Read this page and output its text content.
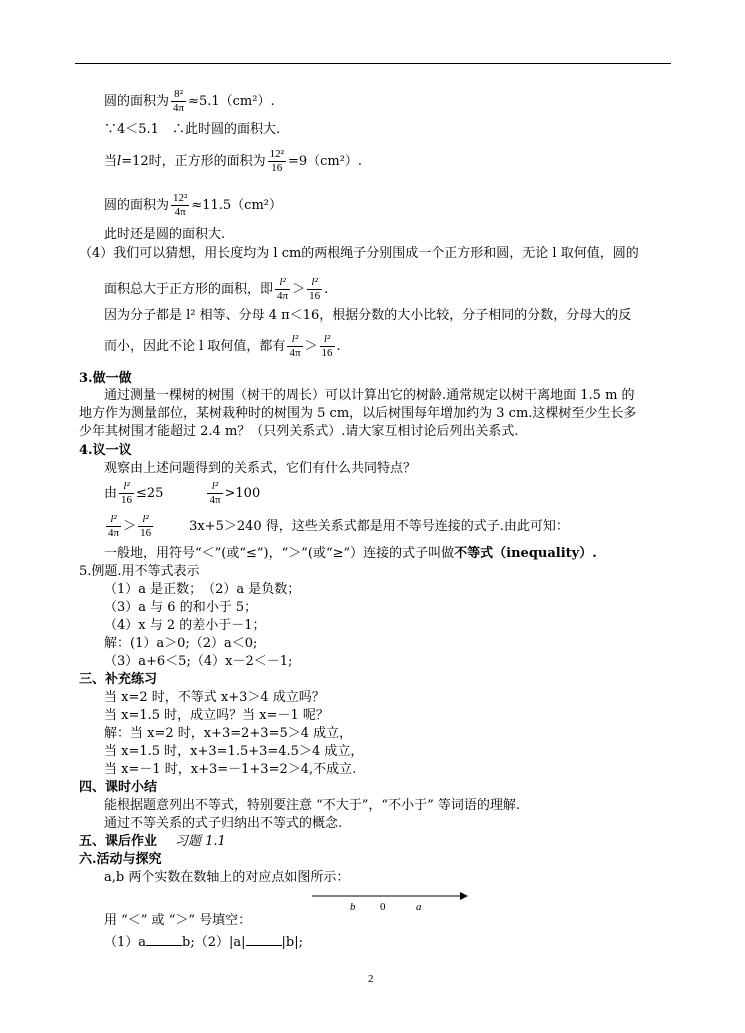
圆的面积为 $\frac{\text{8²}}{4\pi} \approx 5.1(cm^2)$.
∵4＜5.1　∴此时圆的面积大.
当l=12时，正方形的面积为 $\frac{\text{12²}}{16} =9(cm^2)$.
圆的面积为 $\frac{\text{12²}}{4\pi} \approx 11.5(cm^2)$
此时还是圆的面积大.
（4）我们可以猜想，用长度均为 l cm的两根绳子分别围成一个正方形和圆，无论 l 取何值，圆的
面积总大于正方形的面积，即 $\frac{\text{l²}}{4\pi} > \frac{\text{l²}}{16}$ .
因为分子都是 l² 相等、分母 4 π＜16，根据分数的大小比较，分子相同的分数，分母大的反
而小，因此不论 l 取何值，都有 $\frac{\text{l²}}{4\pi} > \frac{\text{l²}}{16}$ .
3.做一做
通过测量一棵树的树围（树干的周长）可以计算出它的树龄.通常规定以树干离地面 1.5 m 的
地方作为测量部位，某树栽种时的树围为 5 cm，以后树围每年增加约为 3 cm.这棵树至少生长多
少年其树围才能超过 2.4 m？（只列关系式）.请大家互相讨论后列出关系式.
4.议一议
观察由上述问题得到的关系式，它们有什么共同特点？
由 $\frac{\text{l²}}{16} \le 25$	$\frac{\text{l²}}{4\pi} >100$
$\frac{\text{l²}}{4\pi} > \frac{\text{l²}}{16}$	3x+5＞240 得，这些关系式都是用不等号连接的式子.由此可知：
一般地，用符号“＜”(或“≤”)，“＞”(或“≥”）连接的式子叫做不等式（inequality）.
5.例题.用不等式表示
（1）a 是正数；　（2）a 是负数；
（3）a 与 6 的和小于 5；
（4）x 与 2 的差小于－1；
解：(1）a＞0;（2）a＜0;
（3）a+6＜5;（4）x－2＜－1;
三、补充练习
当 x=2 时，不等式 x+3＞4 成立吗？
当 x=1.5 时，成立吗？当 x=－1 呢？
解：当 x=2 时，x+3=2+3=5＞4 成立，
当 x=1.5 时，x+3=1.5+3=4.5＞4 成立，
当 x=－1 时，x+3=－1+3=2＞4,不成立.
四、课时小结
能根据题意列出不等式，特别要注意 “不大于”，“不小于” 等词语的理解.
通过不等关系的式子归纳出不等式的概念.
五、课后作业 习题 1.1
六.活动与探究
a,b 两个实数在数轴上的对应点如图所示：
b 0	a
用 “＜” 或 “＞” 号填空：
（1）a	b;（2）|a|	|b|;
2
